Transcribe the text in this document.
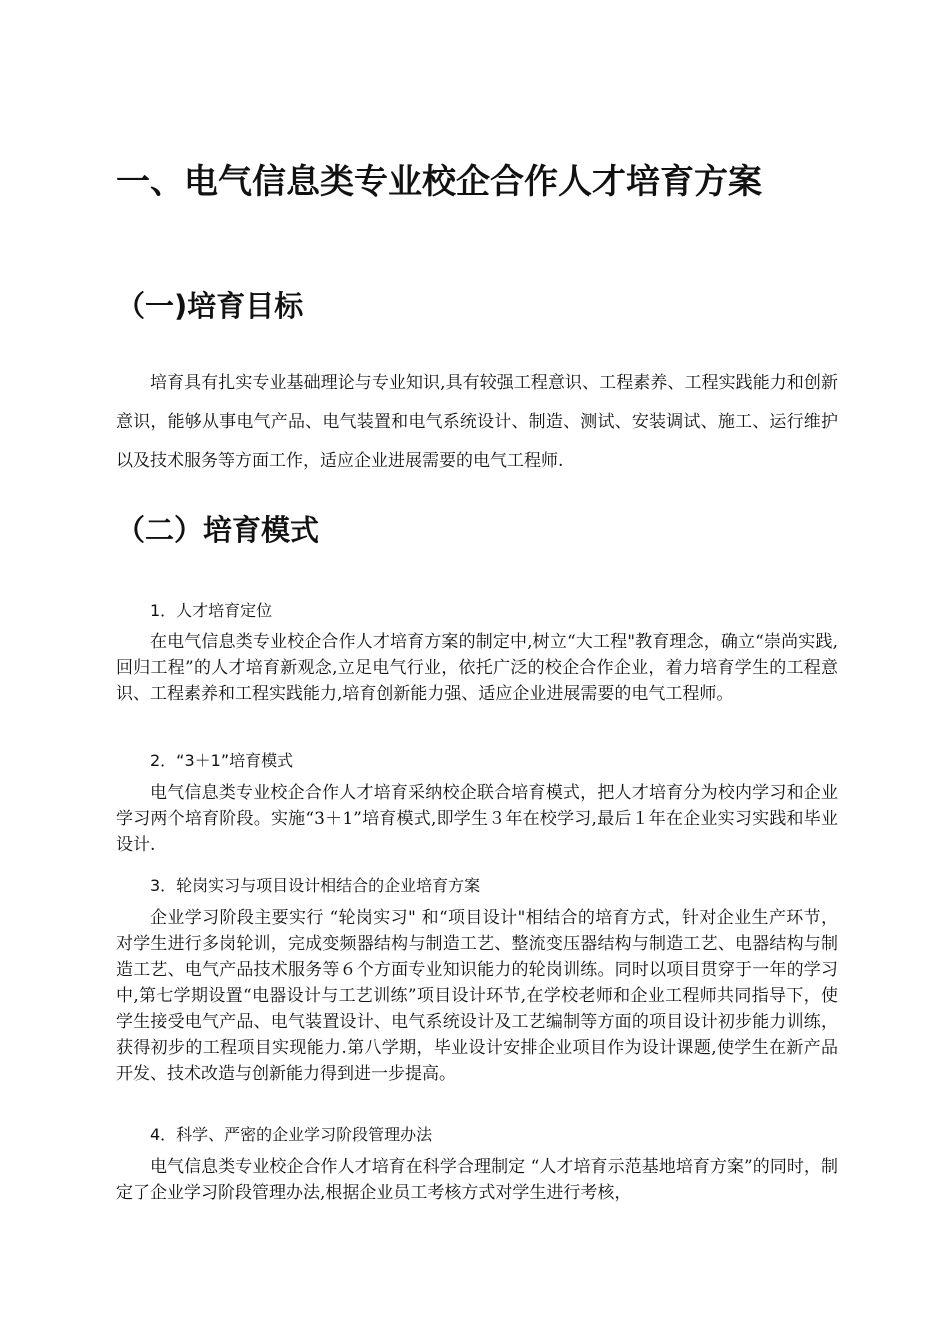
一、电气信息类专业校企合作人才培育方案
（一)培育目标

培育具有扎实专业基础理论与专业知识,具有较强工程意识、工程素养、工程实践能力和创新意识，能够从事电气产品、电气装置和电气系统设计、制造、测试、安装调试、施工、运行维护以及技术服务等方面工作，适应企业进展需要的电气工程师.

（二）培育模式
1．人才培育定位

在电气信息类专业校企合作人才培育方案的制定中,树立“大工程"教育理念，确立“崇尚实践,回归工程”的人才培育新观念,立足电气行业，依托广泛的校企合作企业，着力培育学生的工程意识、工程素养和工程实践能力,培育创新能力强、适应企业进展需要的电气工程师。

2．“3＋1”培育模式

电气信息类专业校企合作人才培育采纳校企联合培育模式，把人才培育分为校内学习和企业学习两个培育阶段。实施“3＋1”培育模式,即学生３年在校学习,最后１年在企业实习实践和毕业设计.

3．轮岗实习与项目设计相结合的企业培育方案

企业学习阶段主要实行 “轮岗实习" 和“项目设计"相结合的培育方式，针对企业生产环节，对学生进行多岗轮训，完成变频器结构与制造工艺、整流变压器结构与制造工艺、电器结构与制造工艺、电气产品技术服务等６个方面专业知识能力的轮岗训练。同时以项目贯穿于一年的学习中,第七学期设置“电器设计与工艺训练”项目设计环节,在学校老师和企业工程师共同指导下，使学生接受电气产品、电气装置设计、电气系统设计及工艺编制等方面的项目设计初步能力训练，获得初步的工程项目实现能力.第八学期，毕业设计安排企业项目作为设计课题,使学生在新产品开发、技术改造与创新能力得到进一步提高。

4．科学、严密的企业学习阶段管理办法

电气信息类专业校企合作人才培育在科学合理制定 “人才培育示范基地培育方案”的同时，制定了企业学习阶段管理办法,根据企业员工考核方式对学生进行考核，
